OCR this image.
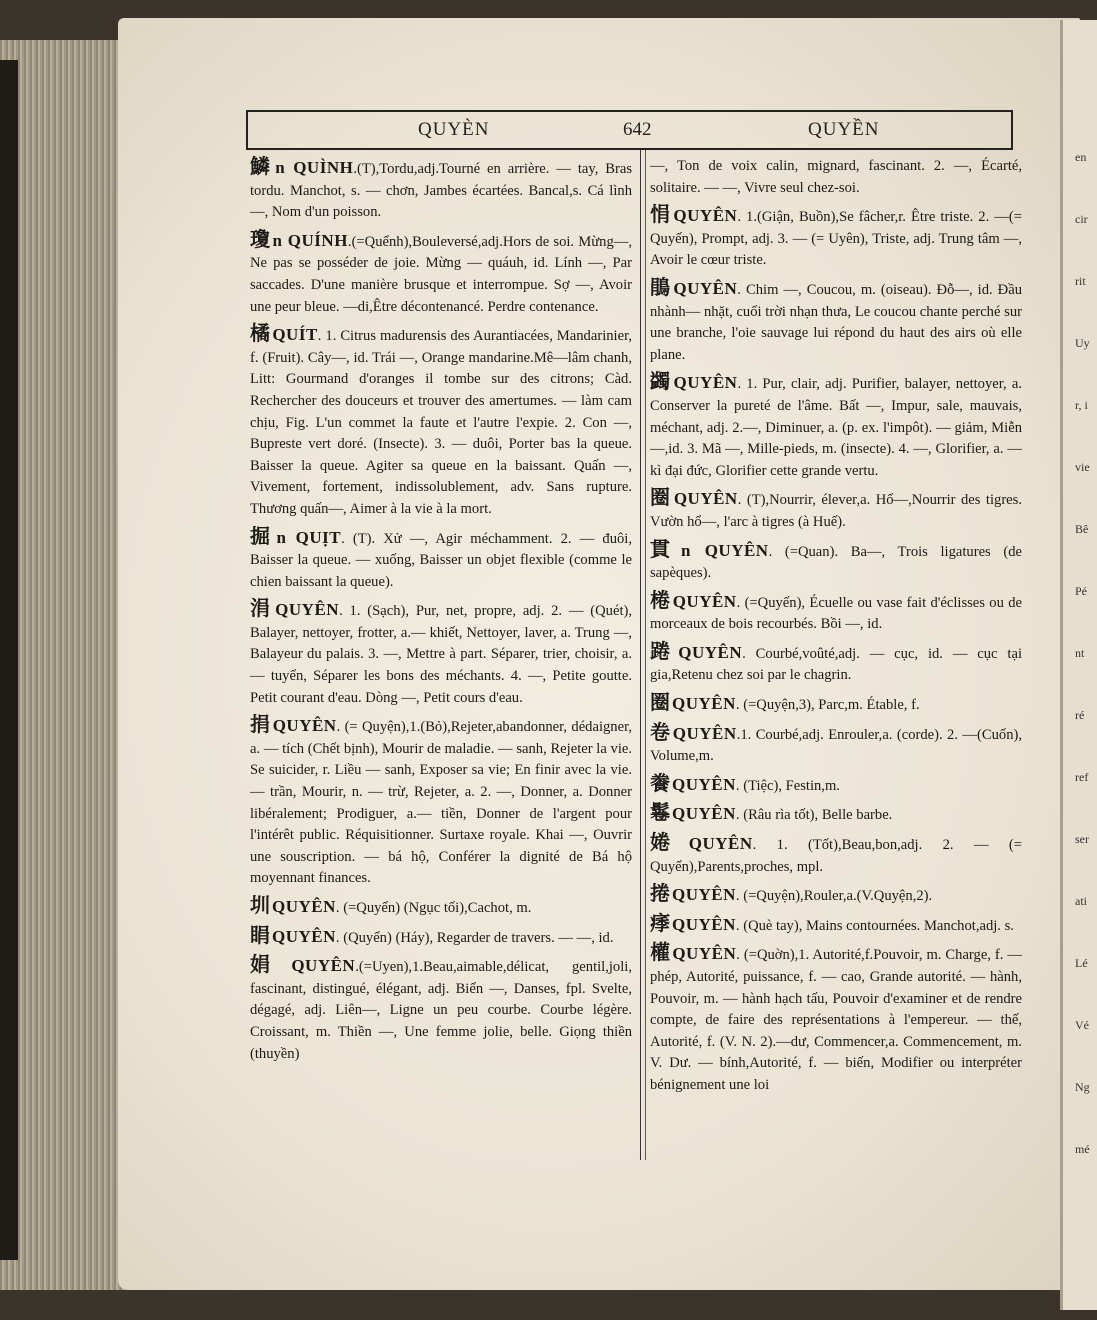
en
cir
rit
Uy
r, i
vie
Bê
Pé
nt
ré
ref
ser
ati
Lé
Vé
Ng
mé
QUYÈN	642	QUYỀN
鱗 n QUÌNH.(T),Tordu,adj.Tourné en arrière. — tay, Bras tordu. Manchot, s. — chơn, Jambes écartées. Bancal,s. Cá lình —, Nom d'un poisson.
瓊 n QUÍNH.(=Quểnh),Bouleversé,adj.Hors de soi. Mừng—, Ne pas se posséder de joie. Mừng — quáuh, id. Lính —, Par saccades. D'une manière brusque et interrompue. Sợ —, Avoir une peur bleue. —di,Être décontenancé. Perdre contenance.
橘 QUÍT. 1. Citrus madurensis des Aurantiacées, Mandarinier, f. (Fruit). Cây—, id. Trái —, Orange mandarine.Mê—lâm chanh, Litt: Gourmand d'oranges il tombe sur des citrons; Càd. Rechercher des douceurs et trouver des amertumes. — làm cam chịu, Fig. L'un commet la faute et l'autre l'expie. 2. Con —, Bupreste vert doré. (Insecte). 3. — duôi, Porter bas la queue. Baisser la queue. Agiter sa queue en la baissant. Quấn —, Vivement, fortement, indissolublement, adv. Sans rupture. Thương quấn—, Aimer à la vie à la mort.
掘 n QUỊT. (T). Xử —, Agir méchamment. 2. — đuôi, Baisser la queue. — xuống, Baisser un objet flexible (comme le chien baissant la queue).
涓 QUYÊN. 1. (Sạch), Pur, net, propre, adj. 2. — (Quét), Balayer, nettoyer, frotter, a.— khiết, Nettoyer, laver, a. Trung —, Balayeur du palais. 3. —, Mettre à part. Séparer, trier, choisir, a. — tuyển, Séparer les bons des méchants. 4. —, Petite goutte. Petit courant d'eau. Dòng —, Petit cours d'eau.
捐 QUYÊN. (= Quyện),1.(Bỏ),Rejeter,abandonner, dédaigner, a. — tích (Chết bịnh), Mourir de maladie. — sanh, Rejeter la vie. Se suicider, r. Liều — sanh, Exposer sa vie; En finir avec la vie. — trần, Mourir, n. — trừ, Rejeter, a. 2. —, Donner, a. Donner libéralement; Prodiguer, a.— tiền, Donner de l'argent pour l'intérêt public. Réquisitionner. Surtaxe royale. Khai —, Ouvrir une souscription. — bá hộ, Conférer la dignité de Bá hộ moyennant finances.
圳 QUYÊN. (=Quyển) (Ngục tối),Cachot, m.
睊 QUYÊN. (Quyển) (Háy), Regarder de travers. — —, id.
娟 QUYÊN.(=Uyen),1.Beau,aimable,délicat, gentil,joli, fascinant, distingué, élégant, adj. Biển —, Danses, fpl. Svelte, dégagé, adj. Liên—, Ligne un peu courbe. Courbe légère. Croissant, m. Thiền —, Une femme jolie, belle. Giọng thiền (thuyền)
—, Ton de voix calin, mignard, fascinant. 2. —, Écarté, solitaire. — —, Vivre seul chez-soi.
悁 QUYÊN. 1.(Giận, Buồn),Se fâcher,r. Être triste. 2. —(= Quyến), Prompt, adj. 3. — (= Uyên), Triste, adj. Trung tâm —, Avoir le cœur triste.
鵑 QUYÊN. Chim —, Coucou, m. (oiseau). Đỗ—, id. Đầu nhành— nhặt, cuối trời nhạn thưa, Le coucou chante perché sur une branche, l'oie sauvage lui répond du haut des airs où elle plane.
蠲 QUYÊN. 1. Pur, clair, adj. Purifier, balayer, nettoyer, a. Conserver la pureté de l'âme. Bất —, Impur, sale, mauvais, méchant, adj. 2.—, Diminuer, a. (p. ex. l'impôt). — giảm, Miễn—,id. 3. Mã —, Mille-pieds, m. (insecte). 4. —, Glorifier, a. — kì đại đức, Glorifier cette grande vertu.
圈 QUYÊN. (T),Nourrir, élever,a. Hổ—,Nourrir des tigres. Vườn hổ—, l'arc à tigres (à Huế).
貫 n QUYÊN. (=Quan). Ba—, Trois ligatures (de sapèques).
棬 QUYÊN. (=Quyến), Écuelle ou vase fait d'éclisses ou de morceaux de bois recourbés. Bồi —, id.
踡 QUYÊN. Courbé,voûté,adj. — cục, id. — cục tại gia,Retenu chez soi par le chagrin.
圈 QUYÊN. (=Quyện,3), Parc,m. Étable, f.
卷 QUYÊN.1. Courbé,adj. Enrouler,a. (corde). 2. —(Cuốn), Volume,m.
餋 QUYÊN. (Tiệc), Festin,m.
鬈 QUYÊN. (Râu rìa tốt), Belle barbe.
婘 QUYÊN. 1. (Tốt),Beau,bon,adj. 2. — (= Quyến),Parents,proches, mpl.
捲 QUYÊN. (=Quyện),Rouler,a.(V.Quyện,2).
痵 QUYÊN. (Què tay), Mains contournées. Manchot,adj. s.
權 QUYÊN. (=Quờn),1. Autorité,f.Pouvoir, m. Charge, f. — phép, Autorité, puissance, f. — cao, Grande autorité. — hành, Pouvoir, m. — hành hạch tấu, Pouvoir d'examiner et de rendre compte, de faire des représentations à l'empereur. — thế, Autorité, f. (V. N. 2).—dư, Commencer,a. Commencement, m. V. Dư. — bính,Autorité, f. — biến, Modifier ou interpréter bénignement une loi
